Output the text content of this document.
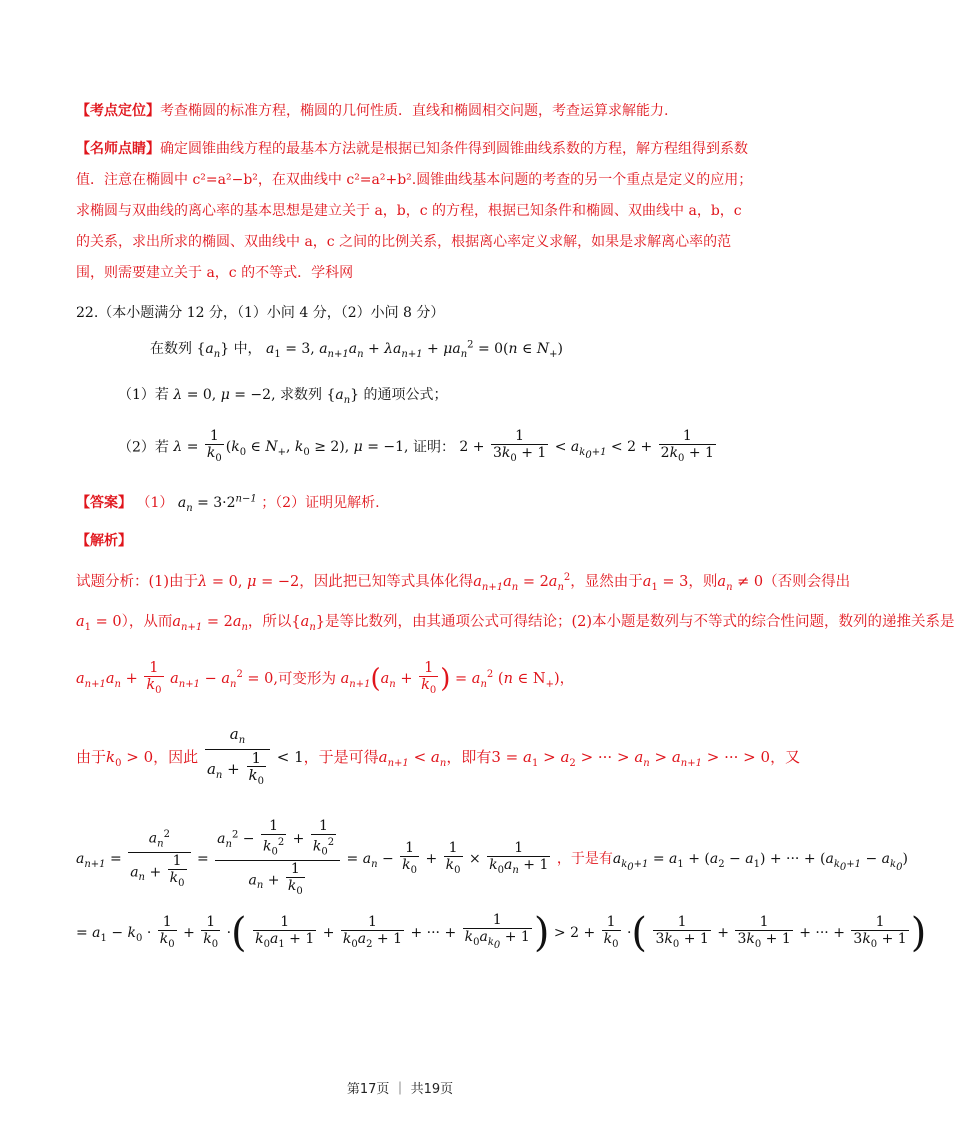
【考点定位】考查椭圆的标准方程，椭圆的几何性质．直线和椭圆相交问题，考查运算求解能力.
【名师点睛】确定圆锥曲线方程的最基本方法就是根据已知条件得到圆锥曲线系数的方程，解方程组得到系数值．注意在椭圆中 c²=a²−b²，在双曲线中 c²=a²+b².圆锥曲线基本问题的考查的另一个重点是定义的应用；求椭圆与双曲线的离心率的基本思想是建立关于 a，b，c 的方程，根据已知条件和椭圆、双曲线中 a，b，c 的关系，求出所求的椭圆、双曲线中 a，c 之间的比例关系，根据离心率定义求解，如果是求解离心率的范围，则需要建立关于 a，c 的不等式．学科网
22.（本小题满分 12 分，（1）小问 4 分，（2）小问 8 分）
在数列 $\{a_n\}$ 中， $a_1 = 3$, $a_{n+1}a_n + \lambda a_{n+1} + \mu a_n^2 = 0(n$ ∈ $N_+$)
（1）若 λ = 0, μ = −2, 求数列 $\{a_n\}$ 的通项公式；
（2）若 $\lambda = \frac{1}{k_0} (k_0$ ∈ $N_+$, $k_0 \ge 2$), μ = −1, 证明： $2 + \frac{1}{3k_0 + 1} < a_{k_0+1} < 2 + \frac{1}{2k_0 + 1}$
【答案】 （1） $a_n = 3\cdot 2^{n-1}$ ；（2）证明见解析.
【解析】
试题分析：(1)由于λ = 0, μ = −2，因此把已知等式具体化得$a_{n+1}a_n = 2a_n^2$，显然由于$a_1 = 3$，则$a_n \ne 0$（否则会得出
$a_1 = 0$），从而$a_{n+1} = 2a_n$，所以$\{a_n\}$是等比数列，由其通项公式可得结论；(2)本小题是数列与不等式的综合性问题，数列的递推关系是
$a_{n+1}a_n + \frac{1}{k_0} a_{n+1} - a_n^2 = 0$,可变形为 $a_{n+1}(a_n + \frac{1}{k_0}$ ) = $a_n^2$ (n ∈ $N_+$)，
由于$k_0 > 0$，因此 $\frac{a_n}{a_n + \frac{1}{k_0}} < 1$，于是可得$a_{n+1} < a_n$，即有$3 = a_1 > a_2$ > ··· > $a_n > a_{n+1}$ > ··· > 0，又
$a_{n+1} = \frac{a_n^2}{a_n + \frac{1}{k_0}} = \frac{a_n^2 - \frac{1}{k_0^2} + \frac{1}{k_0^2}}{a_n + \frac{1}{k_0}} = a_n - \frac{1}{k_0} + \frac{1}{k_0} \times \frac{1}{k_0a_n + 1}$ ，于是有$a_{k_0+1} = a_1 + (a_2 - a_1)$ + ··· + $(a_{k_0+1} - a_{k_0})$
= $a_1 - k_0 \cdot \frac{1}{k_0} + \frac{1}{k_0}$ ·( $\frac{1}{k_0a_1 + 1} + \frac{1}{k_0a_2 + 1}$ + ··· + $\frac{1}{k_0a_{k_0} + 1}$ ) > $2 + \frac{1}{k_0}$ ·( $\frac{1}{3k_0 + 1} + \frac{1}{3k_0 + 1}$ + ··· + $\frac{1}{3k_0 + 1}$ )
第17页 ｜ 共19页
